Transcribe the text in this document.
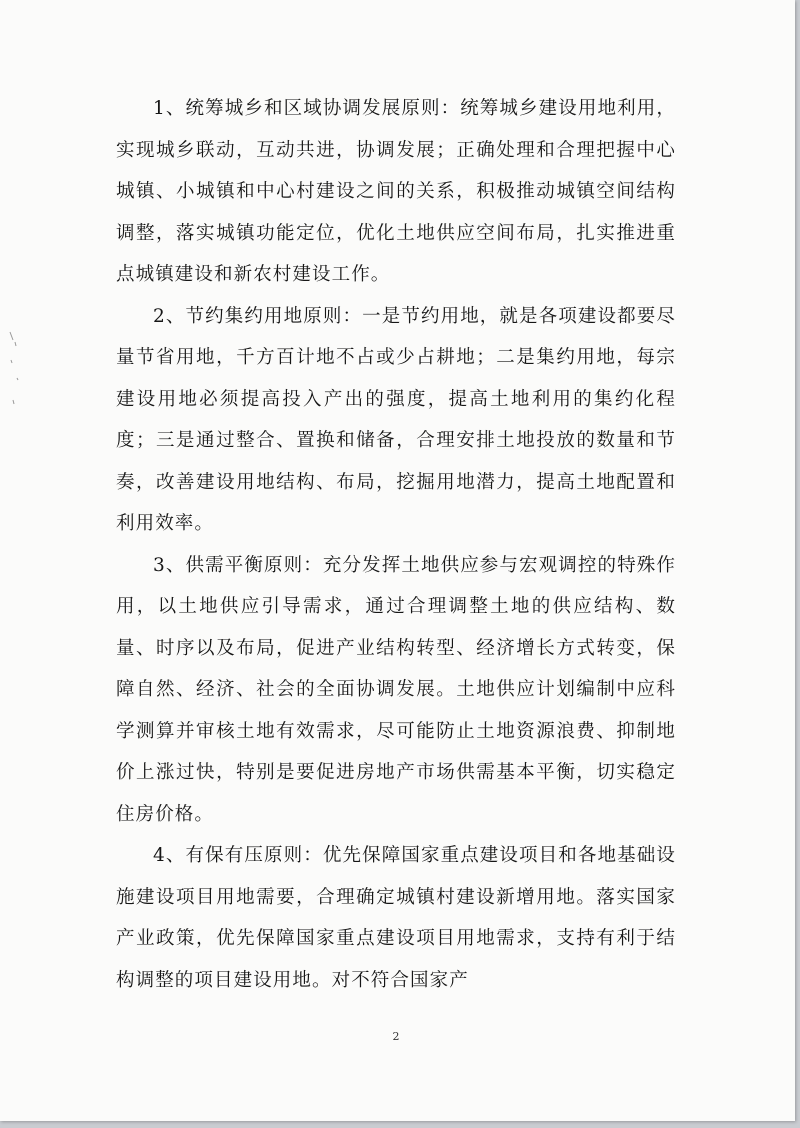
1、统筹城乡和区域协调发展原则：统筹城乡建设用地利用，实现城乡联动，互动共进，协调发展；正确处理和合理把握中心城镇、小城镇和中心村建设之间的关系，积极推动城镇空间结构调整，落实城镇功能定位，优化土地供应空间布局，扎实推进重点城镇建设和新农村建设工作。

2、节约集约用地原则：一是节约用地，就是各项建设都要尽量节省用地，千方百计地不占或少占耕地；二是集约用地，每宗建设用地必须提高投入产出的强度，提高土地利用的集约化程度；三是通过整合、置换和储备，合理安排土地投放的数量和节奏，改善建设用地结构、布局，挖掘用地潜力，提高土地配置和利用效率。

3、供需平衡原则：充分发挥土地供应参与宏观调控的特殊作用，以土地供应引导需求，通过合理调整土地的供应结构、数量、时序以及布局，促进产业结构转型、经济增长方式转变，保障自然、经济、社会的全面协调发展。土地供应计划编制中应科学测算并审核土地有效需求，尽可能防止土地资源浪费、抑制地价上涨过快，特别是要促进房地产市场供需基本平衡，切实稳定住房价格。

4、有保有压原则：优先保障国家重点建设项目和各地基础设施建设项目用地需要，合理确定城镇村建设新增用地。落实国家产业政策，优先保障国家重点建设项目用地需求，支持有利于结构调整的项目建设用地。对不符合国家产

2
